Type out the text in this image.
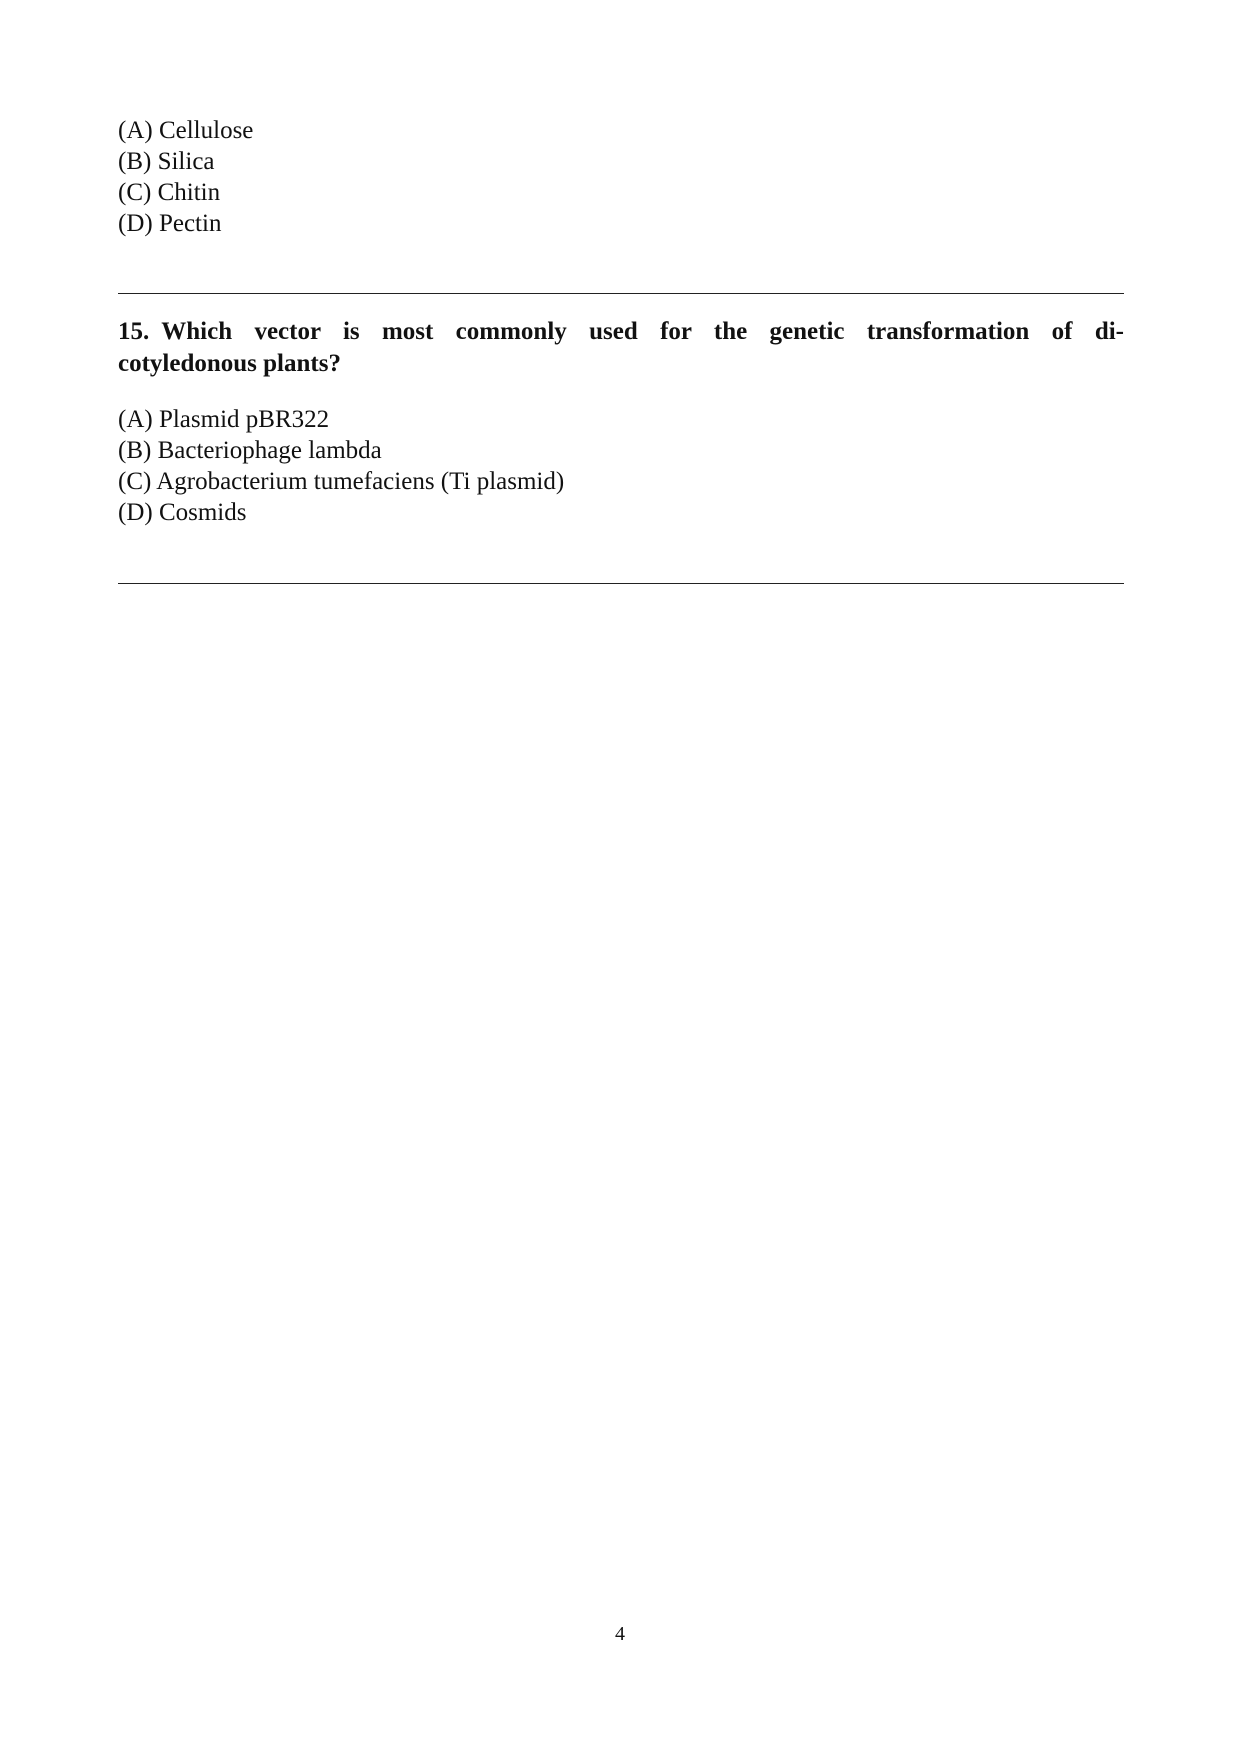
(A) Cellulose
(B) Silica
(C) Chitin
(D) Pectin
15. Which vector is most commonly used for the genetic transformation of di-
cotyledonous plants?
(A) Plasmid pBR322
(B) Bacteriophage lambda
(C) Agrobacterium tumefaciens (Ti plasmid)
(D) Cosmids
4
